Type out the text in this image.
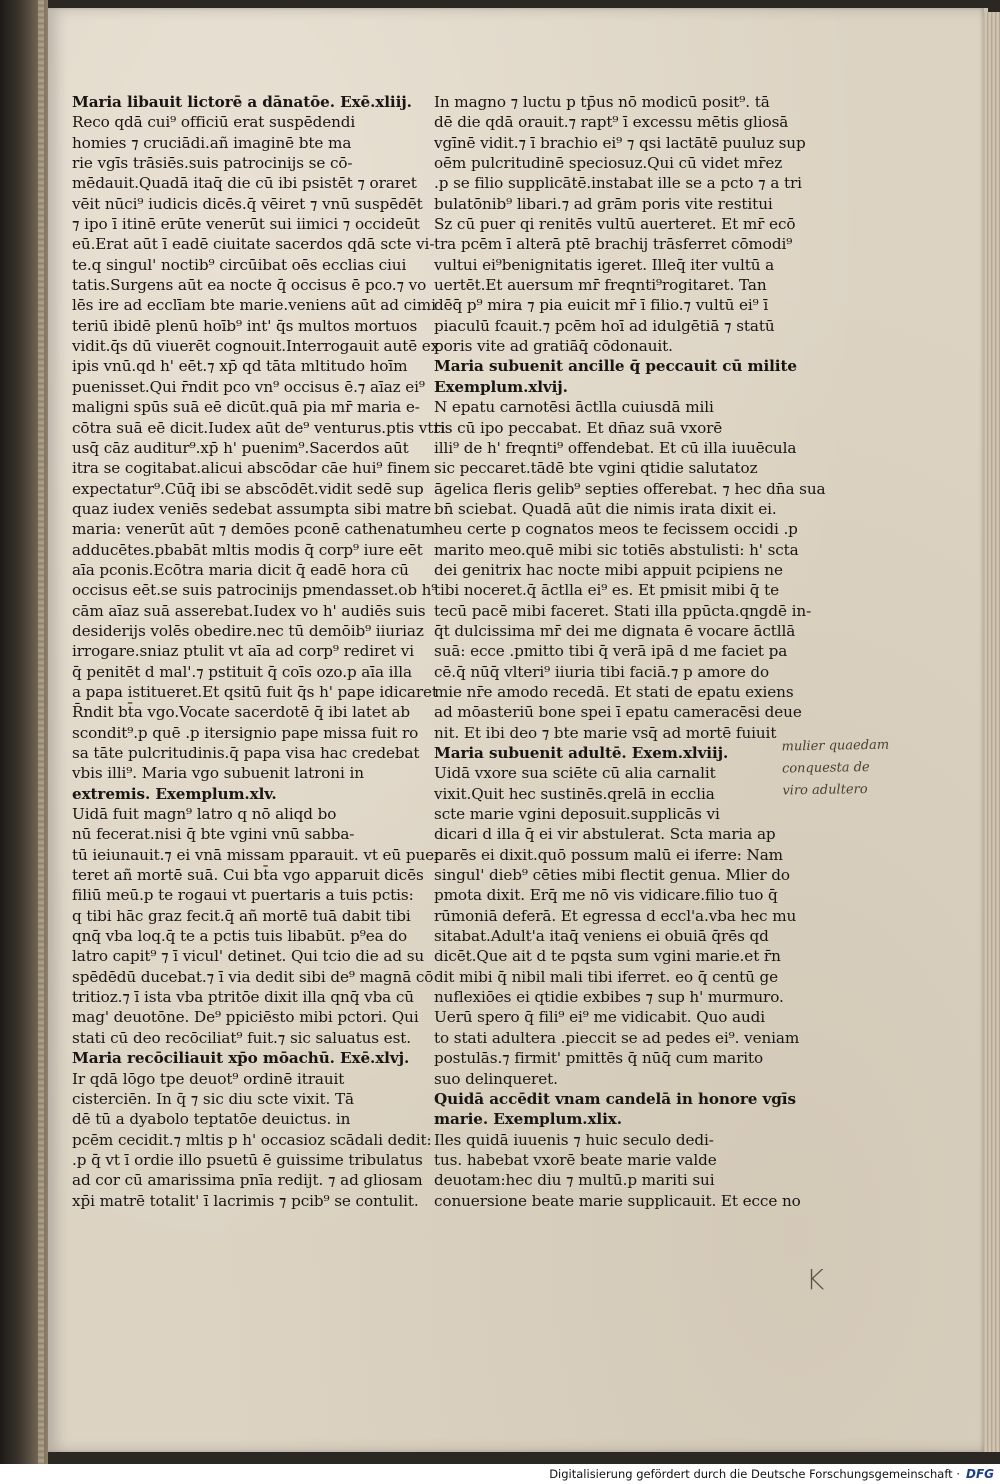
Maria libauit lictorē a dānatōe. Exē.xliij.
Reco qdā cui⁹ officiū erat suspēdendi
homies ⁊ cruciādi.añ imaginē bte ma
rie vgīs trāsiēs.suis patrocinijs se cō-
mēdauit.Quadā itaq̄ die cū ibi psistēt ⁊ oraret
vēit nūci⁹ iudicis dicēs.q̄ vēiret ⁊ vnū suspēdēt
⁊ ipo ī itinē erūte venerūt sui iimici ⁊ occideūt
eū.Erat aūt ī eadē ciuitate sacerdos qdā scte vi-
te.q singul' noctib⁹ circūibat oēs ecclias ciui
tatis.Surgens aūt ea nocte q̄ occisus ē pco.⁊ vo
lēs ire ad ecclīam bte marie.veniens aūt ad cimi
teriū ibidē plenū hoīb⁹ int' q̄s multos mortuos
vidit.q̄s dū viuerēt cognouit.Interrogauit autē ex
ipis vnū.qd h' eēt.⁊ xp̄ qd tāta mltitudo hoīm
puenisset.Qui r̄ndit pco vn⁹ occisus ē.⁊ aīaz ei⁹
maligni spūs suā eē dicūt.quā pia mr̄ maria e-
cōtra suā eē dicit.Iudex aūt de⁹ venturus.ptis vtri
usq̄ cāz auditur⁹.xp̄ h' puenim⁹.Sacerdos aūt
itra se cogitabat.alicui abscōdar cāe hui⁹ finem
expectatur⁹.Cūq̄ ibi se abscōdēt.vidit sedē sup
quaz iudex veniēs sedebat assumpta sibi matre
maria: venerūt aūt ⁊ demōes pconē cathenatum
adducētes.pbabāt mltis modis q̄ corp⁹ iure eēt
aīa pconis.Ecōtra maria dicit q̄ eadē hora cū
occisus eēt.se suis patrocinijs pmendasset.ob h⁹
cām aīaz suā asserebat.Iudex vo h' audiēs suis
desiderijs volēs obedire.nec tū demōib⁹ iiuriaz
irrogare.sniaz ptulit vt aīa ad corp⁹ rediret vi
q̄ penitēt d mal'.⁊ pstituit q̄ coīs ozo.p aīa illa
a papa istitueret.Et qsitū fuit q̄s h' pape idicaret
R̄ndit bt̄a vgo.Vocate sacerdotē q̄ ibi latet ab
scondit⁹.p quē .p itersignio pape missa fuit ro
sa tāte pulcritudinis.q̄ papa visa hac credebat
vbis illi⁹. Maria vgo subuenit latroni in
extremis. Exemplum.xlv.
Uidā fuit magn⁹ latro q nō aliqd bo
nū fecerat.nisi q̄ bte vgini vnū sabba-
tū ieiunauit.⁊ ei vnā missam pparauit. vt eū puer
teret añ mortē suā. Cui bt̄a vgo apparuit dicēs
filiū meū.p te rogaui vt puertaris a tuis pctis:
q tibi hāc graz fecit.q̄ añ mortē tuā dabit tibi
qnq̄ vba loq.q̄ te a pctis tuis libabūt. p⁹ea do
latro capit⁹ ⁊ ī vicul' detinet. Qui tcio die ad su
spēdēdū ducebat.⁊ ī via dedit sibi de⁹ magnā cō
tritioz.⁊ ī ista vba ptritōe dixit illa qnq̄ vba cū
mag' deuotōne. De⁹ ppiciēsto mibi pctori. Qui
stati cū deo recōciliat⁹ fuit.⁊ sic saluatus est.
Maria recōciliauit xp̄o mōachū. Exē.xlvj.
Ir qdā lōgo tpe deuot⁹ ordinē itrauit
cisterciēn. In q̄ ⁊ sic diu scte vixit. Tā
dē tū a dyabolo teptatōe deuictus. in
pcēm cecidit.⁊ mltis p h' occasioz scādali dedit:
.p q̄ vt ī ordie illo psuetū ē guissime tribulatus
ad cor cū amarissima pnīa redijt. ⁊ ad gliosam
xp̄i matrē totalit' ī lacrimis ⁊ pcib⁹ se contulit.
In magno ⁊ luctu p tp̄us nō modicū posit⁹. tā
dē die qdā orauit.⁊ rapt⁹ ī excessu mētis gliosā
vgīnē vidit.⁊ ī brachio ei⁹ ⁊ qsi lactātē puuluz sup
oēm pulcritudinē speciosuz.Qui cū videt mr̄ez
.p se filio supplicātē.instabat ille se a pcto ⁊ a tri
bulatōnib⁹ libari.⁊ ad grām poris vite restitui
Sz cū puer qi renitēs vultū auerteret. Et mr̄ ecō
tra pcēm ī alterā ptē brachij trāsferret cōmodi⁹
vultui ei⁹benignitatis igeret. Illeq̄ iter vultū a
uertēt.Et auersum mr̄ freqnti⁹rogitaret. Tan
dēq̄ p⁹ mira ⁊ pia euicit mr̄ ī filio.⁊ vultū ei⁹ ī
piaculū fcauit.⁊ pcēm hoī ad idulgētiā ⁊ statū
poris vite ad gratiāq̄ cōdonauit.
Maria subuenit ancille q̄ peccauit cū milite
Exemplum.xlvij.
N epatu carnotēsi āctlla cuiusdā mili
tis cū ipo peccabat. Et dn̄az suā vxorē
illi⁹ de h' freqnti⁹ offendebat. Et cū illa iuuēcula
sic peccaret.tādē bte vgini qtidie salutatoz
āgelica fleris gelib⁹ septies offerebat. ⁊ hec dn̄a sua
bn̄ sciebat. Quadā aūt die nimis irata dixit ei.
heu certe p cognatos meos te fecissem occidi .p
marito meo.quē mibi sic totiēs abstulisti: h' scta
dei genitrix hac nocte mibi appuit pcipiens ne
tibi noceret.q̄ āctlla ei⁹ es. Et pmisit mibi q̄ te
tecū pacē mibi faceret. Stati illa ppūcta.qngdē in-
q̄t dulcissima mr̄ dei me dignata ē vocare āctllā
suā: ecce .pmitto tibi q̄ verā ipā d me faciet pa
cē.q̄ nūq̄ vlteri⁹ iiuria tibi faciā.⁊ p amore do
mie nr̄e amodo recedā. Et stati de epatu exiens
ad mōasteriū bone spei ī epatu cameracēsi deue
nit. Et ibi deo ⁊ bte marie vsq̄ ad mortē fuiuit
Maria subuenit adultē. Exem.xlviij.
Uidā vxore sua sciēte cū alia carnalit
vixit.Quit hec sustinēs.qrelā in ecclia
scte marie vgini deposuit.supplicās vi
dicari d illa q̄ ei vir abstulerat. Scta maria ap
parēs ei dixit.quō possum malū ei iferre: Nam
singul' dieb⁹ cēties mibi flectit genua. Mlier do
pmota dixit. Erq̄ me nō vis vidicare.filio tuo q̄
rūmoniā deferā. Et egressa d eccl'a.vba hec mu
sitabat.Adult'a itaq̄ veniens ei obuiā q̄rēs qd
dicēt.Que ait d te pqsta sum vgini marie.et r̄n
dit mibi q̄ nibil mali tibi iferret. eo q̄ centū ge
nuflexiōes ei qtidie exbibes ⁊ sup h' murmuro.
Uerū spero q̄ fili⁹ ei⁹ me vidicabit. Quo audi
to stati adultera .pieccit se ad pedes ei⁹. veniam
postulās.⁊ firmit' pmittēs q̄ nūq̄ cum marito
suo delinqueret.
Quidā accēdit vnam candelā in honore vgīs
marie. Exemplum.xlix.
Iles quidā iuuenis ⁊ huic seculo dedi-
tus. habebat vxorē beate marie valde
deuotam:hec diu ⁊ multū.p mariti sui
conuersione beate marie supplicauit. Et ecce no
mulier quaedam
conquesta de
viro adultero
K
Digitalisierung gefördert durch die Deutsche Forschungsgemeinschaft · DFG
